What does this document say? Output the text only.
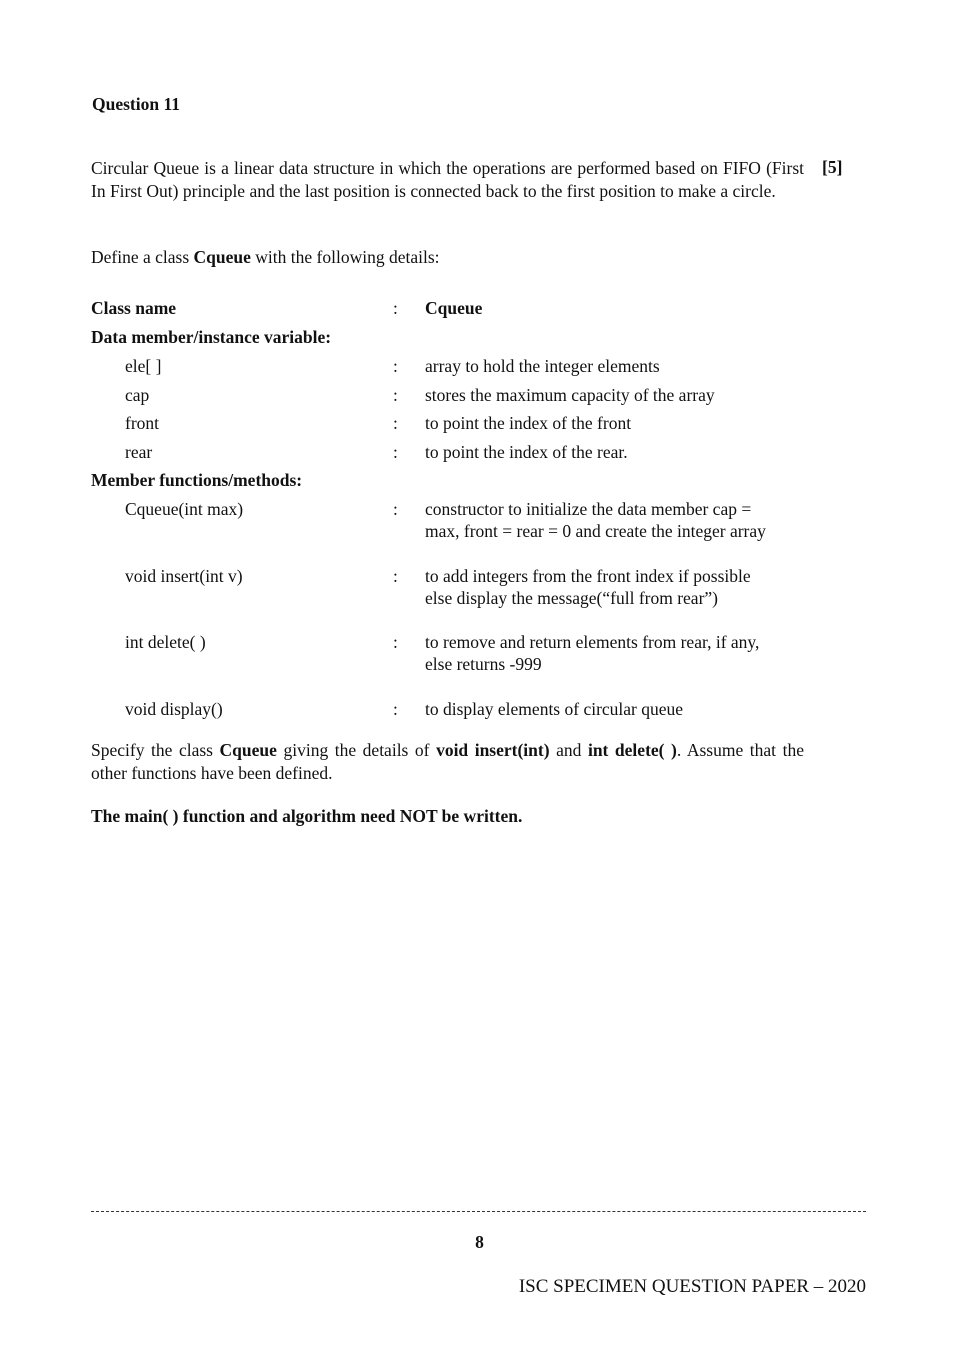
Question 11
Circular Queue is a linear data structure in which the operations are performed based on FIFO (First In First Out) principle and the last position is connected back to the first position to make a circle.
[5]
Define a class Cqueue with the following details:
Class name	: Cqueue
Data member/instance variable:
ele[ ]	: array to hold the integer elements
cap	: stores the maximum capacity of the array
front	: to point the index of the front
rear	: to point the index of the rear.
Member functions/methods:
Cqueue(int max)	: constructor to initialize the data member cap =
max, front = rear = 0 and create the integer array
void insert(int v)	: to add integers from the front index if possible
else display the message(“full from rear”)
int delete( )	: to remove and return elements from rear, if any,
else returns -999
void display()	: to display elements of circular queue
Specify the class Cqueue giving the details of void insert(int) and int delete( ). Assume that the other functions have been defined.
The main( ) function and algorithm need NOT be written.
8
ISC SPECIMEN QUESTION PAPER – 2020
